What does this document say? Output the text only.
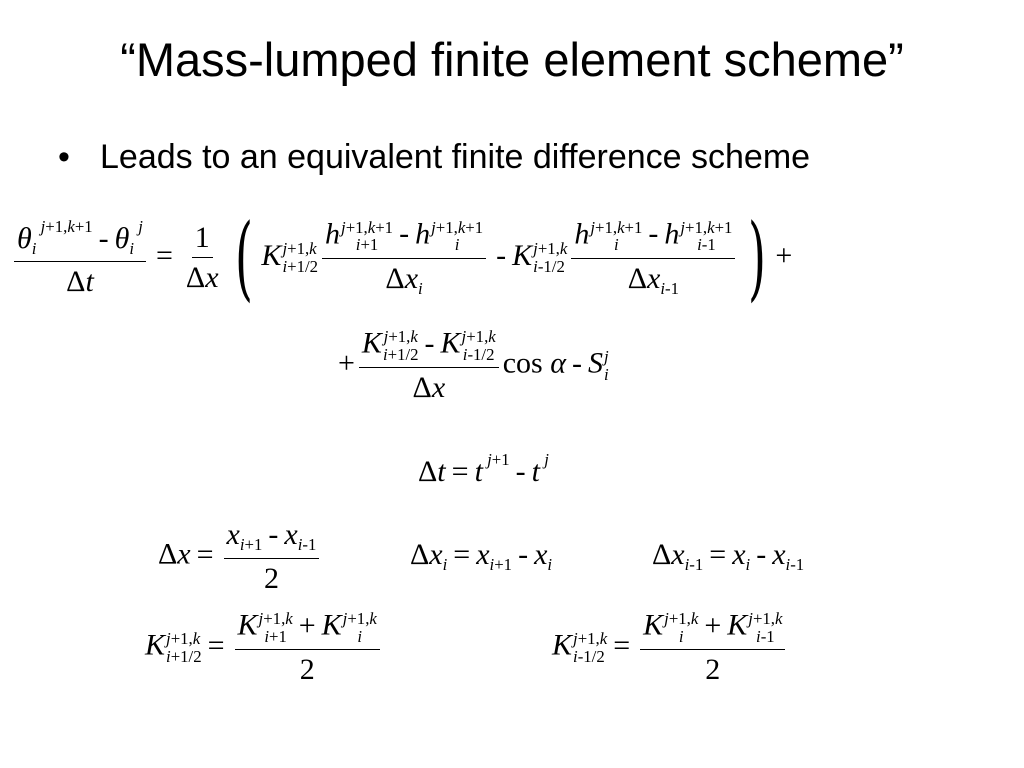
“Mass-lumped finite element scheme”
• Leads to an equivalent finite difference scheme
$\frac{\theta_i ^{j+1,k+1} - \theta_i ^j}{\Delta t} = \frac{1}{\Delta x}$ ( K j+1,k
i+1/2 h j+1,k+1
i+1 - h j+1,k+1
i
$\Delta x_i$ - K j+1,k
i-1/2 h j+1,k+1
i - h j+1,k+1
i-1
$\Delta x_{i-1}$ ) +
+ K j+1,k
i+1/2 - K j+1,k
i-1/2
Δx cos α - S j
i
Δt = t $^{j+1}$ - t $^j$
$\Delta x = \frac{x_{i+1} - x_{i-1}}{2}$	$\Delta x_i = x_{i+1} - x_i$	$\Delta x_{i-1} = x_i - x_{i-1}$
K j+1,k
i+1/2 = K j+1,k
i+1 + K j+1,k
i
2	K j+1,k
i-1/2 = K j+1,k
i + K j+1,k
i-1
2
